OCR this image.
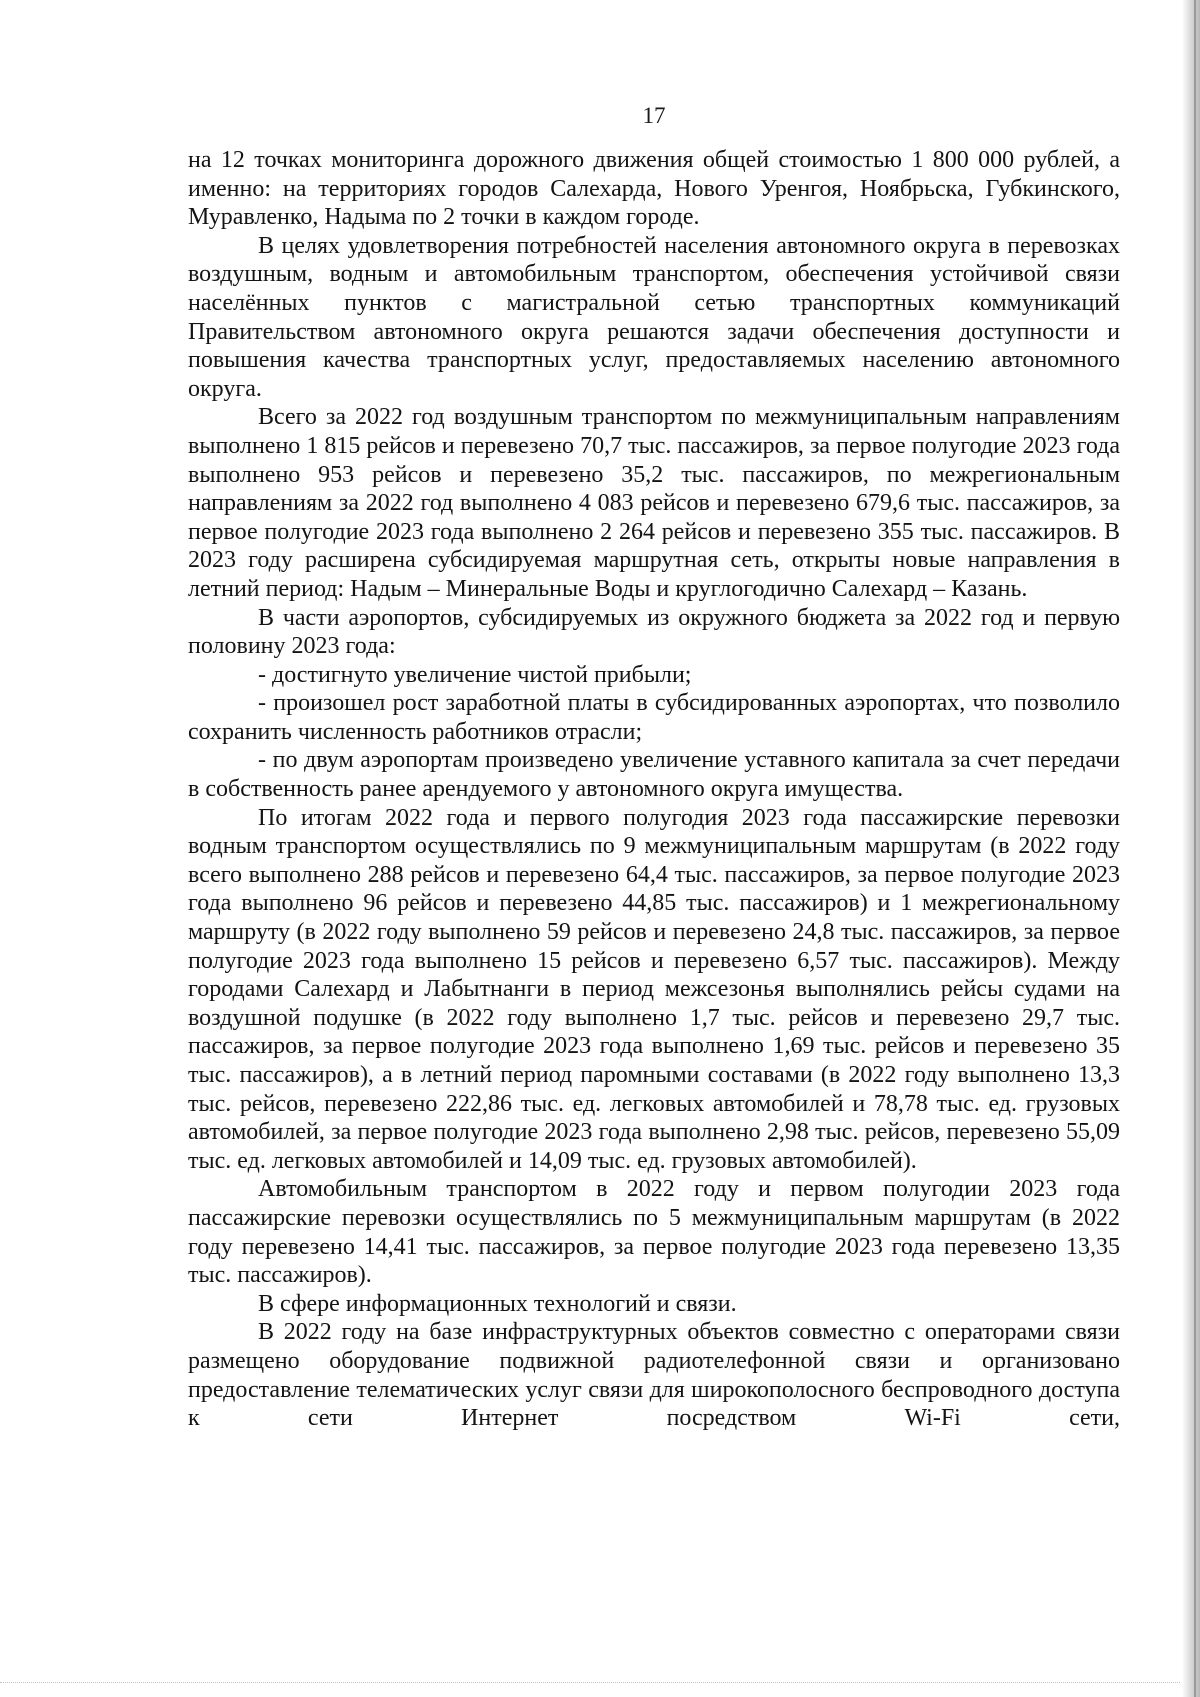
17

на 12 точках мониторинга дорожного движения общей стоимостью 1 800 000 рублей, а именно: на территориях городов Салехарда, Нового Уренгоя, Ноябрьска, Губкинского, Муравленко, Надыма по 2 точки в каждом городе.

В целях удовлетворения потребностей населения автономного округа в перевозках воздушным, водным и автомобильным транспортом, обеспечения устойчивой связи населённых пунктов с магистральной сетью транспортных коммуникаций Правительством автономного округа решаются задачи обеспечения доступности и повышения качества транспортных услуг, предоставляемых населению автономного округа.

Всего за 2022 год воздушным транспортом по межмуниципальным направлениям выполнено 1 815 рейсов и перевезено 70,7 тыс. пассажиров, за первое полугодие 2023 года выполнено 953 рейсов и перевезено 35,2 тыс. пассажиров, по межрегиональным направлениям за 2022 год выполнено 4 083 рейсов и перевезено 679,6 тыс. пассажиров, за первое полугодие 2023 года выполнено 2 264 рейсов и перевезено 355 тыс. пассажиров. В 2023 году расширена субсидируемая маршрутная сеть, открыты новые направления в летний период: Надым – Минеральные Воды и круглогодично Салехард – Казань.

В части аэропортов, субсидируемых из окружного бюджета за 2022 год и первую половину 2023 года:

- достигнуто увеличение чистой прибыли;

- произошел рост заработной платы в субсидированных аэропортах, что позволило сохранить численность работников отрасли;

- по двум аэропортам произведено увеличение уставного капитала за счет передачи в собственность ранее арендуемого у автономного округа имущества.

По итогам 2022 года и первого полугодия 2023 года пассажирские перевозки водным транспортом осуществлялись по 9 межмуниципальным маршрутам (в 2022 году всего выполнено 288 рейсов и перевезено 64,4 тыс. пассажиров, за первое полугодие 2023 года выполнено 96 рейсов и перевезено 44,85 тыс. пассажиров) и 1 межрегиональному маршруту (в 2022 году выполнено 59 рейсов и перевезено 24,8 тыс. пассажиров, за первое полугодие 2023 года выполнено 15 рейсов и перевезено 6,57 тыс. пассажиров). Между городами Салехард и Лабытнанги в период межсезонья выполнялись рейсы судами на воздушной подушке (в 2022 году выполнено 1,7 тыс. рейсов и перевезено 29,7 тыс. пассажиров, за первое полугодие 2023 года выполнено 1,69 тыс. рейсов и перевезено 35 тыс. пассажиров), а в летний период паромными составами (в 2022 году выполнено 13,3 тыс. рейсов, перевезено 222,86 тыс. ед. легковых автомобилей и 78,78 тыс. ед. грузовых автомобилей, за первое полугодие 2023 года выполнено 2,98 тыс. рейсов, перевезено 55,09 тыс. ед. легковых автомобилей и 14,09 тыс. ед. грузовых автомобилей).

Автомобильным транспортом в 2022 году и первом полугодии 2023 года пассажирские перевозки осуществлялись по 5 межмуниципальным маршрутам (в 2022 году перевезено 14,41 тыс. пассажиров, за первое полугодие 2023 года перевезено 13,35 тыс. пассажиров).

В сфере информационных технологий и связи.

В 2022 году на базе инфраструктурных объектов совместно с операторами связи размещено оборудование подвижной радиотелефонной связи и организовано предоставление телематических услуг связи для широкополосного беспроводного доступа к сети Интернет посредством Wi-Fi сети,
